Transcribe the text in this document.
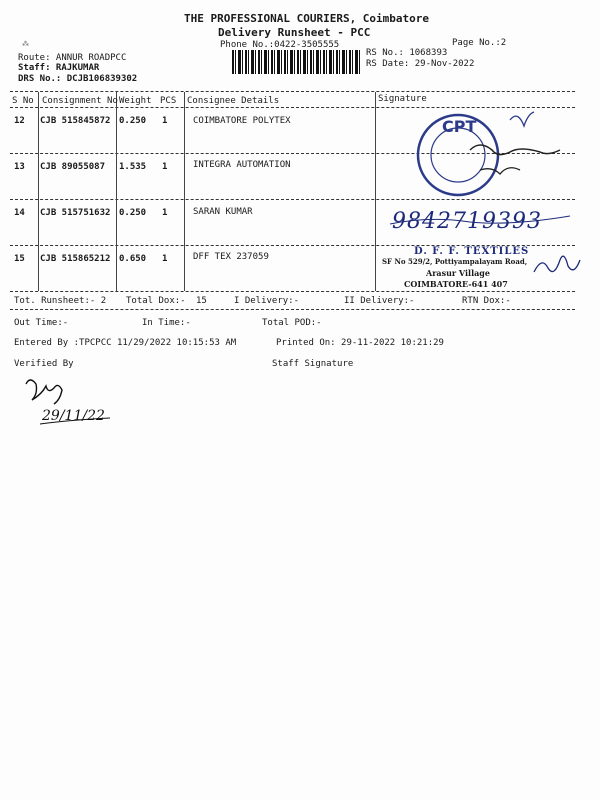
THE PROFESSIONAL COURIERS, Coimbatore
Delivery Runsheet - PCC
Phone No.:0422-3505555	Page No.:2
⁂
Route: ANNUR ROADPCC
Staff: RAJKUMAR
DRS No.: DCJB106839302
RS No.: 1068393
RS Date: 29-Nov-2022
S No Consignment No Weight PCS Consignee Details	Signature
12 CJB 515845872 0.250 1	COIMBATORE POLYTEX
13 CJB 89055087 1.535 1	INTEGRA AUTOMATION
14 CJB 515751632 0.250 1	SARAN KUMAR
15 CJB 515865212 0.650 1	DFF TEX 237059
CPT
9842719393
D. F. F. TEXTILES
SF No 529/2, Pottiyampalayam Road,
Arasur Village
COIMBATORE-641 407
Tot. Runsheet:- 2 Total Dox:- 15	I Delivery:-	II Delivery:-	RTN Dox:-
Out Time:-	In Time:-	Total POD:-
Entered By :TPCPCC 11/29/2022 10:15:53 AM	Printed On: 29-11-2022 10:21:29
Verified By	Staff Signature
29/11/22
